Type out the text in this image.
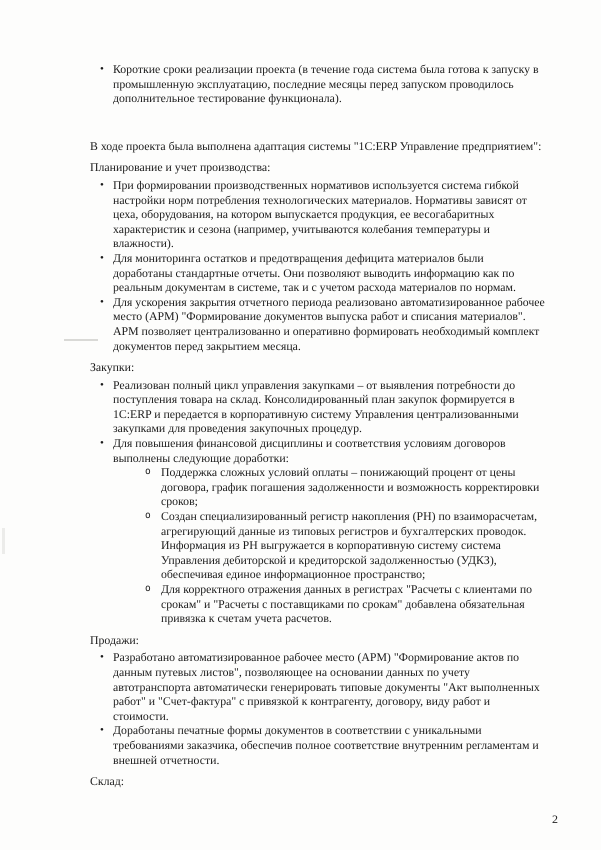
• Короткие сроки реализации проекта (в течение года система была готова к запуску в промышленную эксплуатацию, последние месяцы перед запуском проводилось дополнительное тестирование функционала).

В ходе проекта была выполнена адаптация системы "1С:ERP Управление предприятием":

Планирование и учет производства:

• При формировании производственных нормативов используется система гибкой настройки норм потребления технологических материалов. Нормативы зависят от цеха, оборудования, на котором выпускается продукция, ее весогабаритных характеристик и сезона (например, учитываются колебания температуры и влажности).
• Для мониторинга остатков и предотвращения дефицита материалов были доработаны стандартные отчеты. Они позволяют выводить информацию как по реальным документам в системе, так и с учетом расхода материалов по нормам.
• Для ускорения закрытия отчетного периода реализовано автоматизированное рабочее место (АРМ) "Формирование документов выпуска работ и списания материалов". АРМ позволяет централизованно и оперативно формировать необходимый комплект документов перед закрытием месяца.

Закупки:

• Реализован полный цикл управления закупками – от выявления потребности до поступления товара на склад. Консолидированный план закупок формируется в 1С:ERP и передается в корпоративную систему Управления централизованными закупками для проведения закупочных процедур.
• Для повышения финансовой дисциплины и соответствия условиям договоров выполнены следующие доработки:
o Поддержка сложных условий оплаты – понижающий процент от цены договора, график погашения задолженности и возможность корректировки сроков;
o Создан специализированный регистр накопления (РН) по взаиморасчетам, агрегирующий данные из типовых регистров и бухгалтерских проводок. Информация из РН выгружается в корпоративную систему система Управления дебиторской и кредиторской задолженностью (УДКЗ), обеспечивая единое информационное пространство;
o Для корректного отражения данных в регистрах "Расчеты с клиентами по срокам" и "Расчеты с поставщиками по срокам" добавлена обязательная привязка к счетам учета расчетов.

Продажи:

• Разработано автоматизированное рабочее место (АРМ) "Формирование актов по данным путевых листов", позволяющее на основании данных по учету автотранспорта автоматически генерировать типовые документы "Акт выполненных работ" и "Счет-фактура" с привязкой к контрагенту, договору, виду работ и стоимости.
• Доработаны печатные формы документов в соответствии с уникальными требованиями заказчика, обеспечив полное соответствие внутренним регламентам и внешней отчетности.

Склад:

2
